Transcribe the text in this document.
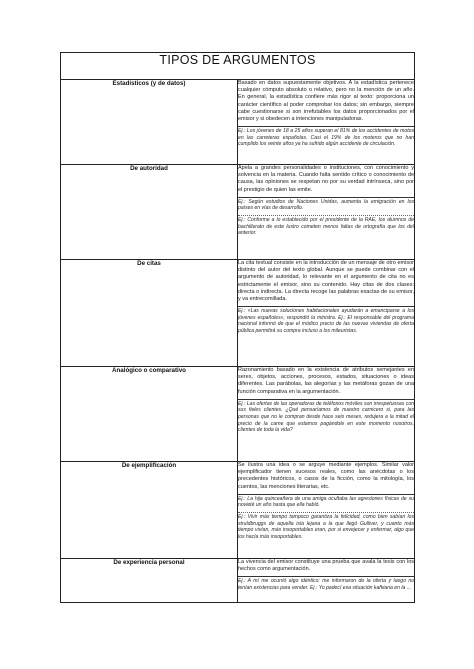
TIPOS DE ARGUMENTOS	
Estadísticos (y de datos)	Basado en datos supuestamente objetivos. A la estadística pertenece cualquier cómputo absoluto o relativo, pero no la mención de un año. En general, la estadística confiere más rigor al texto: proporciona un carácter científico al poder comprobar los datos; sin embargo, siempre cabe cuestionarse si son irrefutables los datos proporcionados por el emisor y si obedecen a intenciones manipuladoras.
Ej.: Los jóvenes de 18 a 25 años superan el 81% de los accidentes de motos en las carreteras españolas. Casi el 19% de los moteros que no han cumplido los veinte años ya ha sufrido algún accidente de circulación.

De autoridad	Apela a grandes personalidades o instituciones, con conocimiento y solvencia en la materia. Cuando falta sentido crítico o conocimiento de causa, las opiniones se respetan no por su verdad intrínseca, sino por el prestigio de quien las emite.
Ej.: Según estudios de Naciones Unidas, aumenta la emigración en los países en vías de desarrollo.
Ej.: Conforme a lo establecido por el presidente de la RAE, los alumnos de bachillerato de este lustro cometen menos faltas de ortografía que los del anterior.

De citas	La cita textual consiste en la introducción de un mensaje de otro emisor distinto del autor del texto global. Aunque se puede combinar con el argumento de autoridad, lo relevante en el argumento de cita no es estrictamente el emisor, sino su contenido. Hay citas de dos clases: directa o indirecta. La directa recoge las palabras exactas de su emisor, y va entrecomillada.
Ej.: «Las nuevas soluciones habitacionales ayudarán a emanciparse a los jóvenes españoles», respondió la ministra. Ej.: El responsable del programa nacional informó de que el módico precio de las nuevas viviendas de oferta pública permitirá su compra incluso a los mileuristas.

Analógico o comparativo	Razonamiento basado en la existencia de atributos semejantes en seres, objetos, acciones, procesos, estados, situaciones o ideas diferentes. Las parábolas, las alegorías y las metáforas gozan de una función comparativa en la argumentación.
Ej.: Las ofertas de las operadoras de teléfonos móviles son irrespetuosas con sus fieles clientes. ¿Qué pensaríamos de nuestro carnicero si, para las personas que no le compran desde hace seis meses, redujera a la mitad el precio de la carne que estamos pagándole en este momento nosotros, clientes de toda la vida?

De ejemplificación	Se ilustra una idea o se arguye mediante ejemplos. Similar valor ejemplificador tienen sucesos reales, como las anécdotas o los precedentes históricos, o casos de la ficción, como la mitología, los cuentos, las menciones literarias, etc.
Ej.: La hija quinceañera de una amiga ocultaba las agresiones físicas de su novieté un año hasta que ella habló.
Ej.: Vivir más tiempo tampoco garantiza la felicidad, como bien sabían los struldbruggs de aquella isla lejana a la que llegó Gulliver, y cuanto más tiempo vivían, más insoportables eran, por si envejecer y enfermar, algo que los hacía más insoportables.

De experiencia personal	La vivencia del emisor constituye una prueba que avala la tesis con los hechos como argumentación.
Ej.: A mí me ocurrió algo idéntico: me informaron de la oferta y luego no tenían existencias para vender. Ej.: Yo padecí esa situación kafkiana en la ...
